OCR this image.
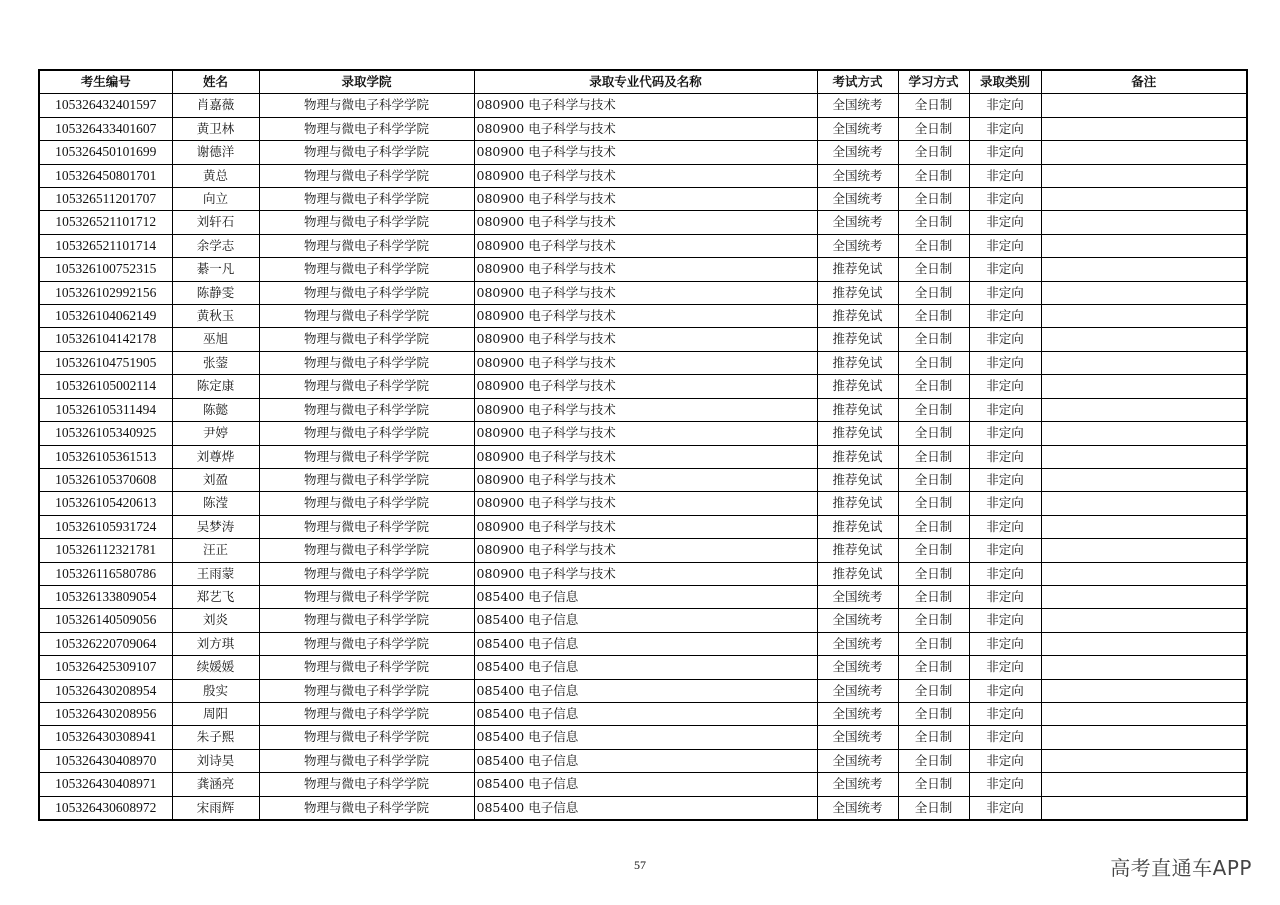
考生编号	姓名	录取学院	录取专业代码及名称	考试方式	学习方式	录取类别	备注
105326432401597	肖嘉薇	物理与微电子科学学院	080900 电子科学与技术	全国统考	全日制	非定向	
105326433401607	黄卫林	物理与微电子科学学院	080900 电子科学与技术	全国统考	全日制	非定向	
105326450101699	谢德洋	物理与微电子科学学院	080900 电子科学与技术	全国统考	全日制	非定向	
105326450801701	黄总	物理与微电子科学学院	080900 电子科学与技术	全国统考	全日制	非定向	
105326511201707	向立	物理与微电子科学学院	080900 电子科学与技术	全国统考	全日制	非定向	
105326521101712	刘轩石	物理与微电子科学学院	080900 电子科学与技术	全国统考	全日制	非定向	
105326521101714	余学志	物理与微电子科学学院	080900 电子科学与技术	全国统考	全日制	非定向	
105326100752315	綦一凡	物理与微电子科学学院	080900 电子科学与技术	推荐免试	全日制	非定向	
105326102992156	陈静雯	物理与微电子科学学院	080900 电子科学与技术	推荐免试	全日制	非定向	
105326104062149	黄秋玉	物理与微电子科学学院	080900 电子科学与技术	推荐免试	全日制	非定向	
105326104142178	巫旭	物理与微电子科学学院	080900 电子科学与技术	推荐免试	全日制	非定向	
105326104751905	张蓥	物理与微电子科学学院	080900 电子科学与技术	推荐免试	全日制	非定向	
105326105002114	陈定康	物理与微电子科学学院	080900 电子科学与技术	推荐免试	全日制	非定向	
105326105311494	陈懿	物理与微电子科学学院	080900 电子科学与技术	推荐免试	全日制	非定向	
105326105340925	尹婷	物理与微电子科学学院	080900 电子科学与技术	推荐免试	全日制	非定向	
105326105361513	刘尊烨	物理与微电子科学学院	080900 电子科学与技术	推荐免试	全日制	非定向	
105326105370608	刘盈	物理与微电子科学学院	080900 电子科学与技术	推荐免试	全日制	非定向	
105326105420613	陈滢	物理与微电子科学学院	080900 电子科学与技术	推荐免试	全日制	非定向	
105326105931724	吴梦涛	物理与微电子科学学院	080900 电子科学与技术	推荐免试	全日制	非定向	
105326112321781	汪正	物理与微电子科学学院	080900 电子科学与技术	推荐免试	全日制	非定向	
105326116580786	王雨蒙	物理与微电子科学学院	080900 电子科学与技术	推荐免试	全日制	非定向	
105326133809054	郑艺飞	物理与微电子科学学院	085400 电子信息	全国统考	全日制	非定向	
105326140509056	刘炎	物理与微电子科学学院	085400 电子信息	全国统考	全日制	非定向	
105326220709064	刘方琪	物理与微电子科学学院	085400 电子信息	全国统考	全日制	非定向	
105326425309107	续媛媛	物理与微电子科学学院	085400 电子信息	全国统考	全日制	非定向	
105326430208954	殷实	物理与微电子科学学院	085400 电子信息	全国统考	全日制	非定向	
105326430208956	周阳	物理与微电子科学学院	085400 电子信息	全国统考	全日制	非定向	
105326430308941	朱子熙	物理与微电子科学学院	085400 电子信息	全国统考	全日制	非定向	
105326430408970	刘诗昊	物理与微电子科学学院	085400 电子信息	全国统考	全日制	非定向	
105326430408971	龚涵亮	物理与微电子科学学院	085400 电子信息	全国统考	全日制	非定向	
105326430608972	宋雨辉	物理与微电子科学学院	085400 电子信息	全国统考	全日制	非定向	
57	高考直通车APP
